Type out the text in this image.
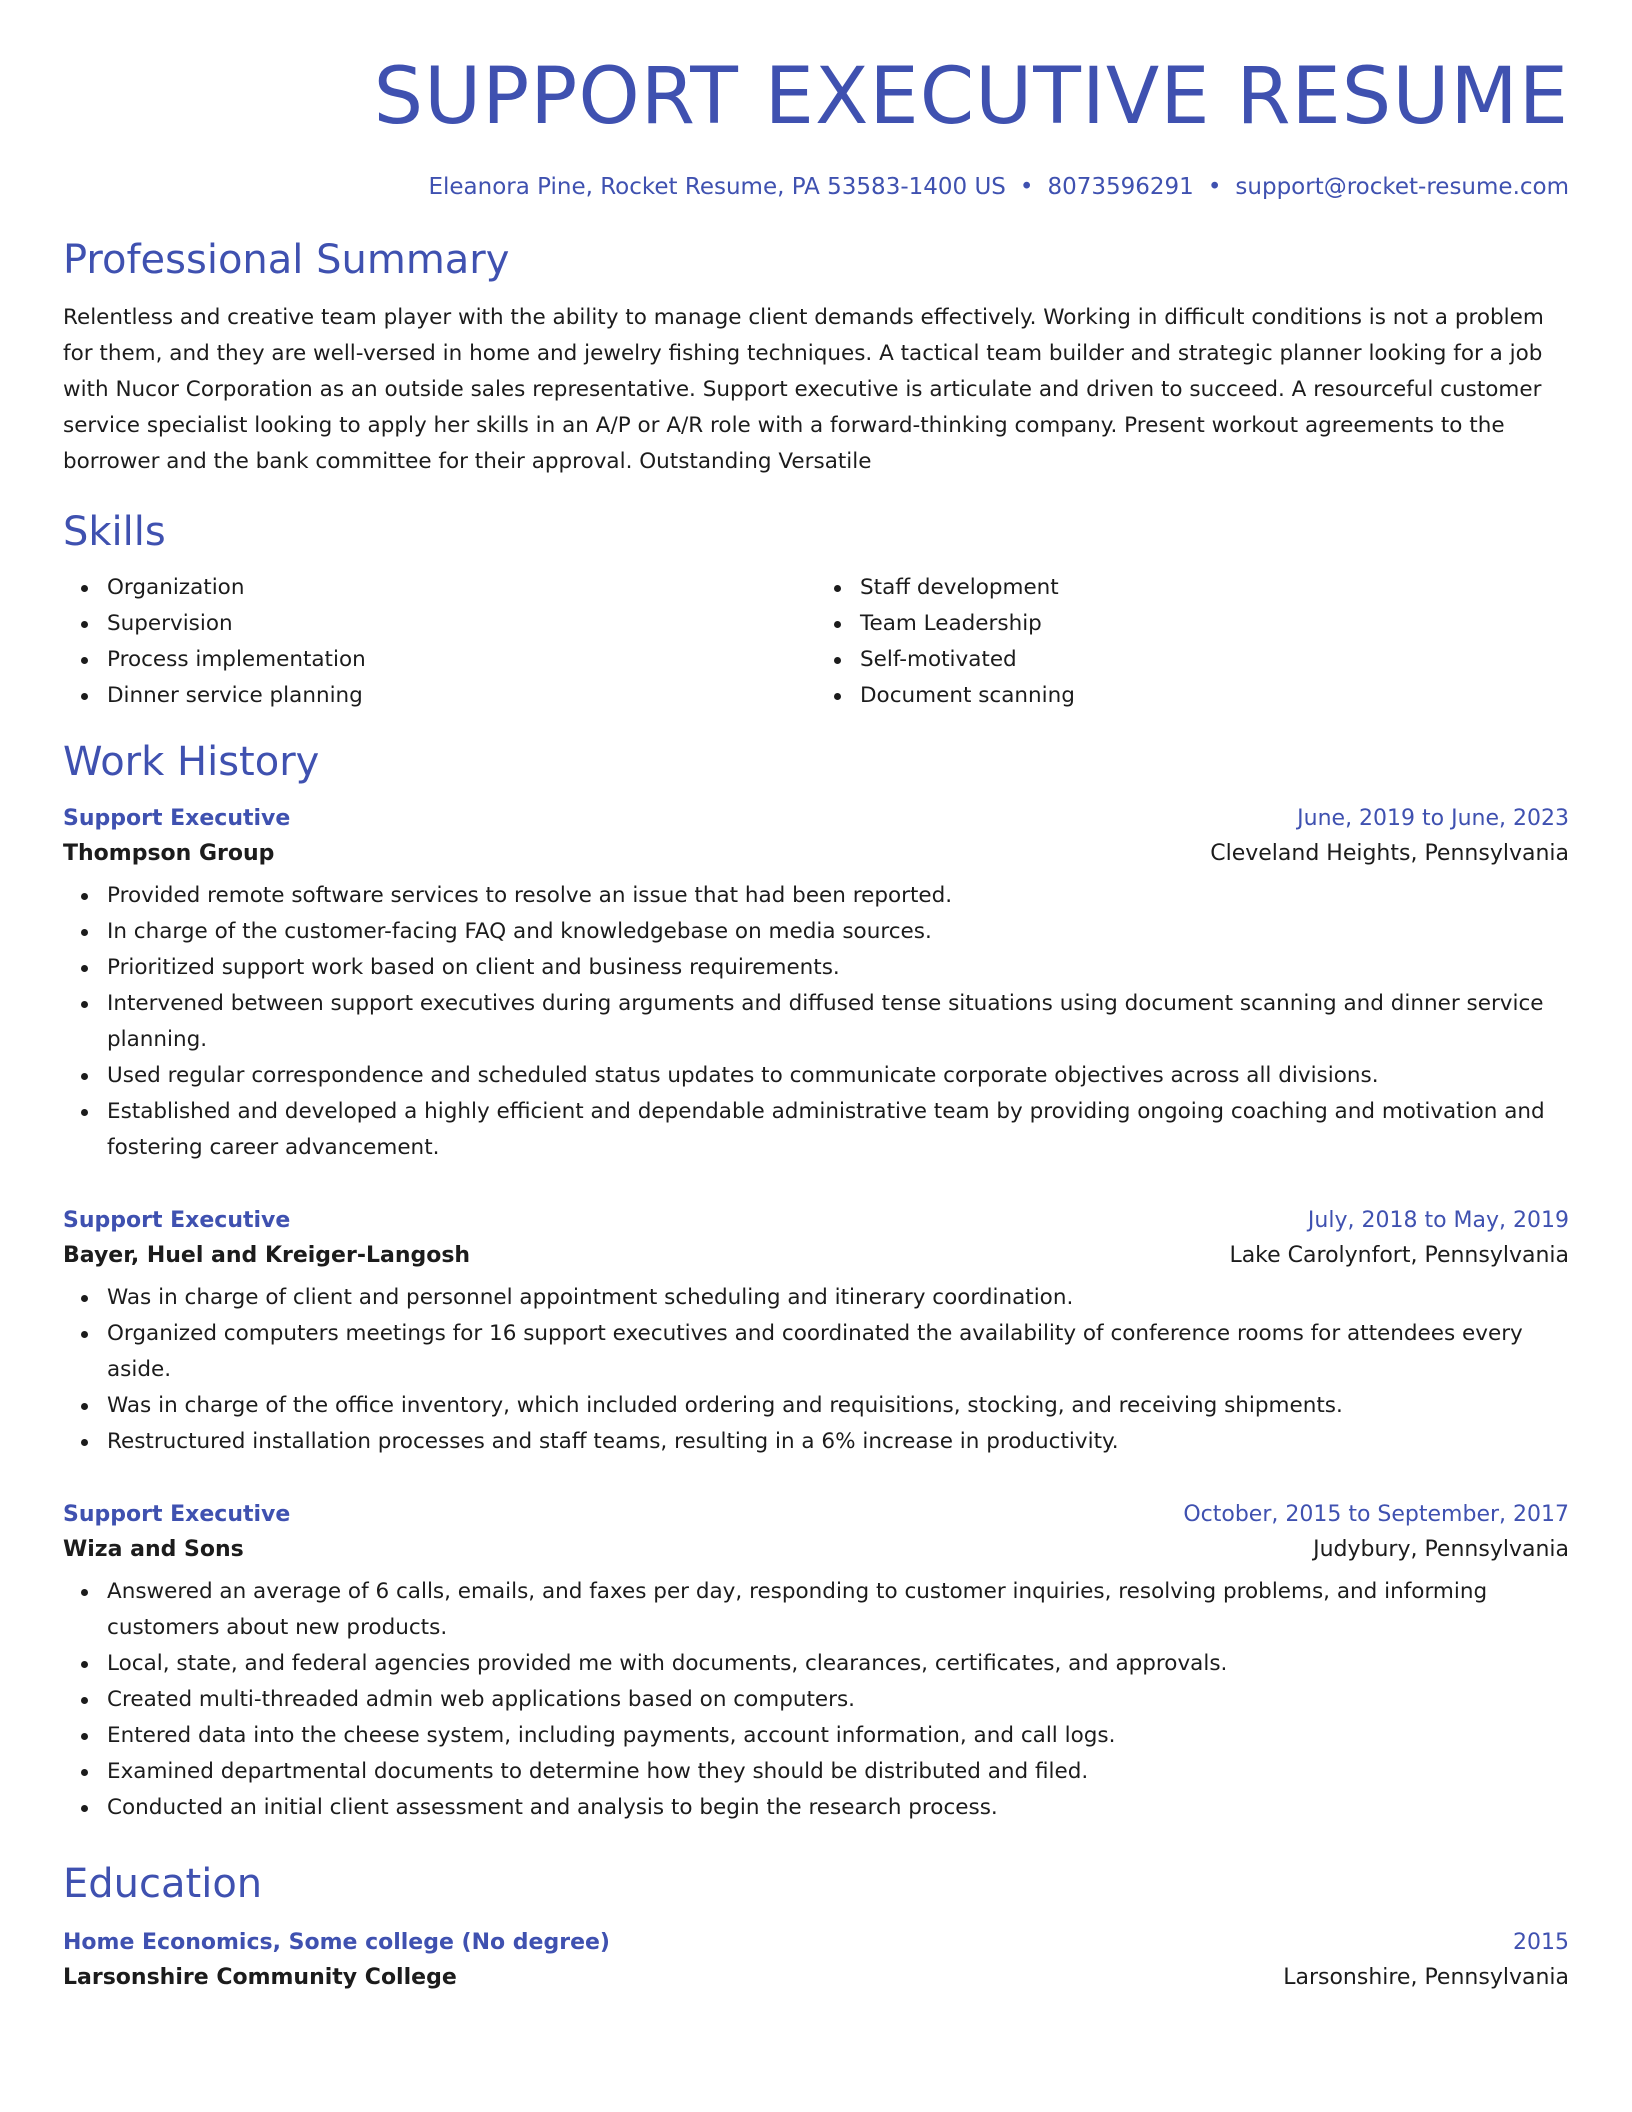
SUPPORT EXECUTIVE RESUME
Eleanora Pine, Rocket Resume, PA 53583-1400 US • 8073596291 • support@rocket-resume.com
Professional Summary
Relentless and creative team player with the ability to manage client demands effectively. Working in difficult conditions is not a problem for them, and they are well-versed in home and jewelry fishing techniques. A tactical team builder and strategic planner looking for a job with Nucor Corporation as an outside sales representative. Support executive is articulate and driven to succeed. A resourceful customer service specialist looking to apply her skills in an A/P or A/R role with a forward-thinking company. Present workout agreements to the borrower and the bank committee for their approval. Outstanding Versatile
Skills
Organization
Supervision
Process implementation
Dinner service planning
Staff development
Team Leadership
Self-motivated
Document scanning
Work History
Support Executive	June, 2019 to June, 2023
Thompson Group	Cleveland Heights, Pennsylvania
Provided remote software services to resolve an issue that had been reported.
In charge of the customer-facing FAQ and knowledgebase on media sources.
Prioritized support work based on client and business requirements.
Intervened between support executives during arguments and diffused tense situations using document scanning and dinner service planning.
Used regular correspondence and scheduled status updates to communicate corporate objectives across all divisions.
Established and developed a highly efficient and dependable administrative team by providing ongoing coaching and motivation and fostering career advancement.
Support Executive	July, 2018 to May, 2019
Bayer, Huel and Kreiger-Langosh	Lake Carolynfort, Pennsylvania
Was in charge of client and personnel appointment scheduling and itinerary coordination.
Organized computers meetings for 16 support executives and coordinated the availability of conference rooms for attendees every aside.
Was in charge of the office inventory, which included ordering and requisitions, stocking, and receiving shipments.
Restructured installation processes and staff teams, resulting in a 6% increase in productivity.
Support Executive	October, 2015 to September, 2017
Wiza and Sons	Judybury, Pennsylvania
Answered an average of 6 calls, emails, and faxes per day, responding to customer inquiries, resolving problems, and informing customers about new products.
Local, state, and federal agencies provided me with documents, clearances, certificates, and approvals.
Created multi-threaded admin web applications based on computers.
Entered data into the cheese system, including payments, account information, and call logs.
Examined departmental documents to determine how they should be distributed and filed.
Conducted an initial client assessment and analysis to begin the research process.
Education
Home Economics, Some college (No degree)	2015
Larsonshire Community College	Larsonshire, Pennsylvania
